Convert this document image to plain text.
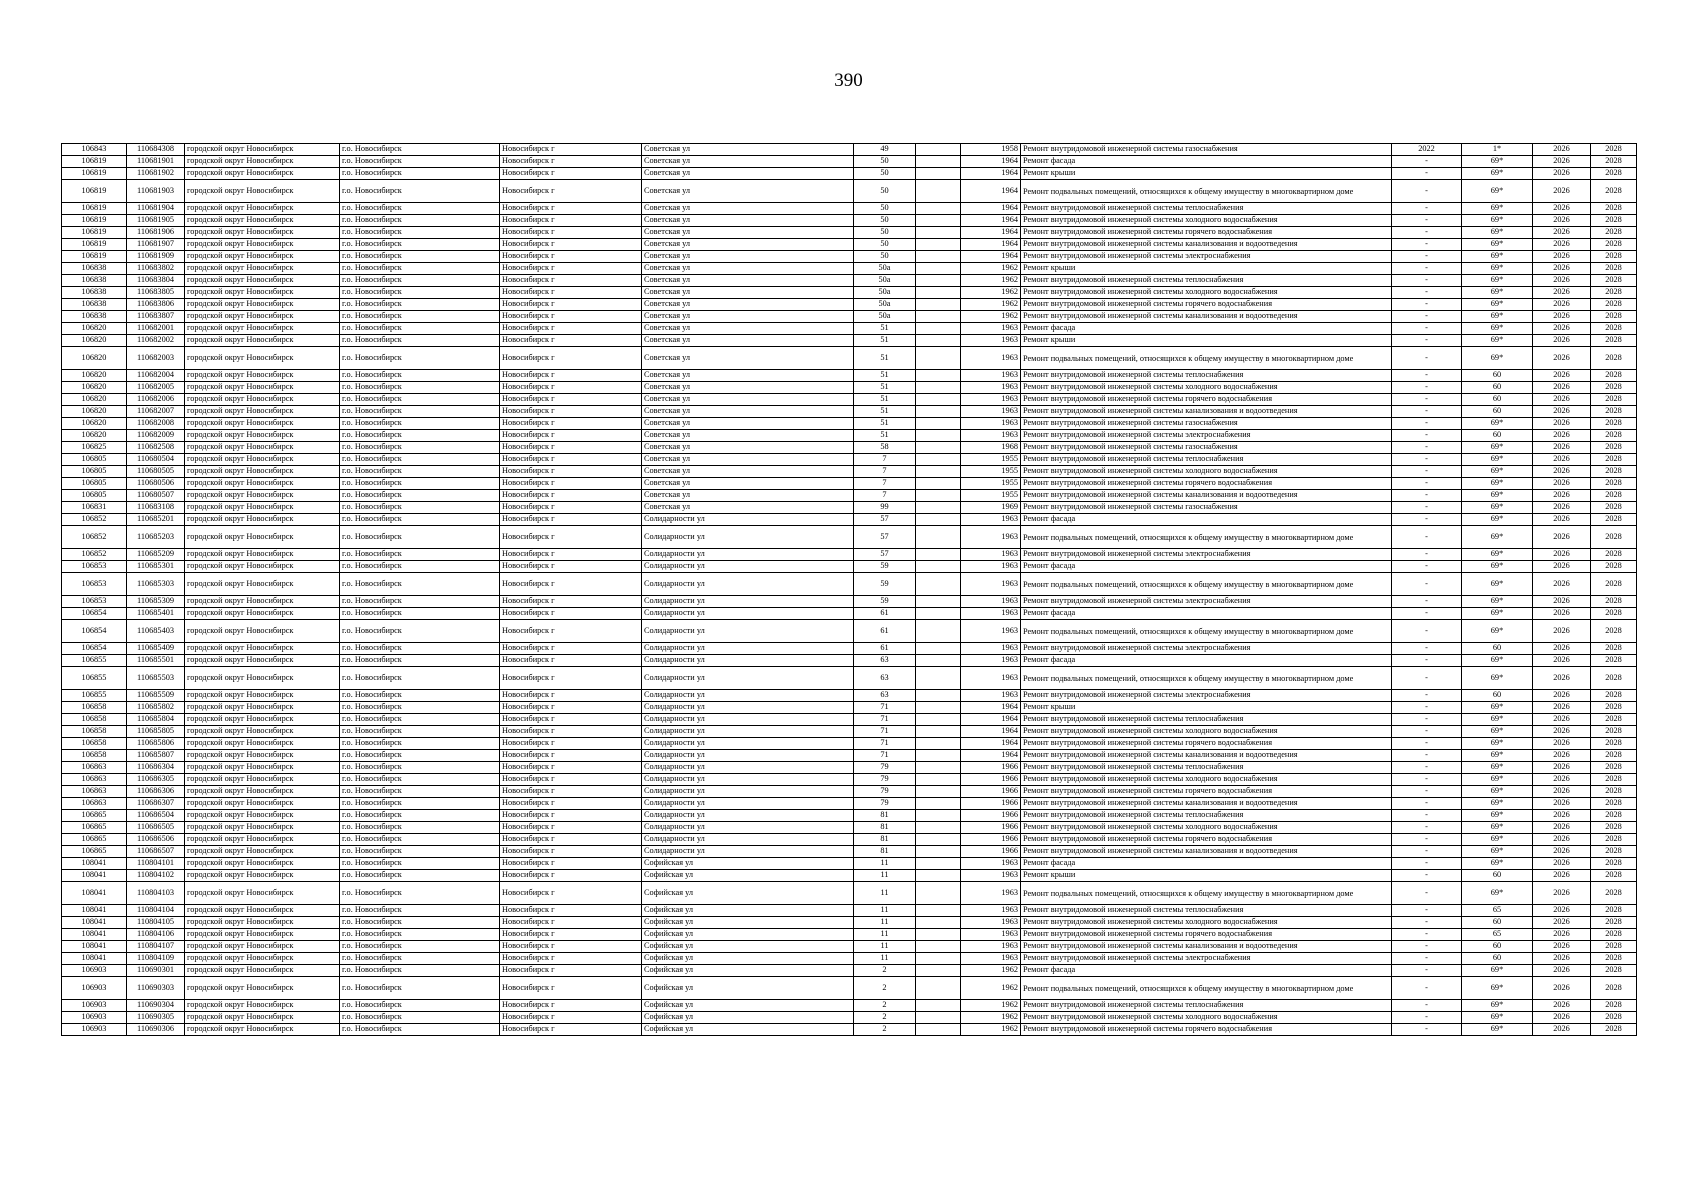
390
106843	110684308	городской округ Новосибирск	г.о. Новосибирск	Новосибирск г	Советская ул	49		1958	Ремонт внутридомовой инженерной системы газоснабжения	2022	1*	2026	2028
106819	110681901	городской округ Новосибирск	г.о. Новосибирск	Новосибирск г	Советская ул	50		1964	Ремонт фасада	-	69*	2026	2028
106819	110681902	городской округ Новосибирск	г.о. Новосибирск	Новосибирск г	Советская ул	50		1964	Ремонт крыши	-	69*	2026	2028
106819	110681903	городской округ Новосибирск	г.о. Новосибирск	Новосибирск г	Советская ул	50		1964	Ремонт подвальных помещений, относящихся к общему имуществу в многоквартирном доме	-	69*	2026	2028
106819	110681904	городской округ Новосибирск	г.о. Новосибирск	Новосибирск г	Советская ул	50		1964	Ремонт внутридомовой инженерной системы теплоснабжения	-	69*	2026	2028
106819	110681905	городской округ Новосибирск	г.о. Новосибирск	Новосибирск г	Советская ул	50		1964	Ремонт внутридомовой инженерной системы холодного водоснабжения	-	69*	2026	2028
106819	110681906	городской округ Новосибирск	г.о. Новосибирск	Новосибирск г	Советская ул	50		1964	Ремонт внутридомовой инженерной системы горячего водоснабжения	-	69*	2026	2028
106819	110681907	городской округ Новосибирск	г.о. Новосибирск	Новосибирск г	Советская ул	50		1964	Ремонт внутридомовой инженерной системы канализования и водоотведения	-	69*	2026	2028
106819	110681909	городской округ Новосибирск	г.о. Новосибирск	Новосибирск г	Советская ул	50		1964	Ремонт внутридомовой инженерной системы электроснабжения	-	69*	2026	2028
106838	110683802	городской округ Новосибирск	г.о. Новосибирск	Новосибирск г	Советская ул	50а		1962	Ремонт крыши	-	69*	2026	2028
106838	110683804	городской округ Новосибирск	г.о. Новосибирск	Новосибирск г	Советская ул	50а		1962	Ремонт внутридомовой инженерной системы теплоснабжения	-	69*	2026	2028
106838	110683805	городской округ Новосибирск	г.о. Новосибирск	Новосибирск г	Советская ул	50а		1962	Ремонт внутридомовой инженерной системы холодного водоснабжения	-	69*	2026	2028
106838	110683806	городской округ Новосибирск	г.о. Новосибирск	Новосибирск г	Советская ул	50а		1962	Ремонт внутридомовой инженерной системы горячего водоснабжения	-	69*	2026	2028
106838	110683807	городской округ Новосибирск	г.о. Новосибирск	Новосибирск г	Советская ул	50а		1962	Ремонт внутридомовой инженерной системы канализования и водоотведения	-	69*	2026	2028
106820	110682001	городской округ Новосибирск	г.о. Новосибирск	Новосибирск г	Советская ул	51		1963	Ремонт фасада	-	69*	2026	2028
106820	110682002	городской округ Новосибирск	г.о. Новосибирск	Новосибирск г	Советская ул	51		1963	Ремонт крыши	-	69*	2026	2028
106820	110682003	городской округ Новосибирск	г.о. Новосибирск	Новосибирск г	Советская ул	51		1963	Ремонт подвальных помещений, относящихся к общему имуществу в многоквартирном доме	-	69*	2026	2028
106820	110682004	городской округ Новосибирск	г.о. Новосибирск	Новосибирск г	Советская ул	51		1963	Ремонт внутридомовой инженерной системы теплоснабжения	-	60	2026	2028
106820	110682005	городской округ Новосибирск	г.о. Новосибирск	Новосибирск г	Советская ул	51		1963	Ремонт внутридомовой инженерной системы холодного водоснабжения	-	60	2026	2028
106820	110682006	городской округ Новосибирск	г.о. Новосибирск	Новосибирск г	Советская ул	51		1963	Ремонт внутридомовой инженерной системы горячего водоснабжения	-	60	2026	2028
106820	110682007	городской округ Новосибирск	г.о. Новосибирск	Новосибирск г	Советская ул	51		1963	Ремонт внутридомовой инженерной системы канализования и водоотведения	-	60	2026	2028
106820	110682008	городской округ Новосибирск	г.о. Новосибирск	Новосибирск г	Советская ул	51		1963	Ремонт внутридомовой инженерной системы газоснабжения	-	69*	2026	2028
106820	110682009	городской округ Новосибирск	г.о. Новосибирск	Новосибирск г	Советская ул	51		1963	Ремонт внутридомовой инженерной системы электроснабжения	-	60	2026	2028
106825	110682508	городской округ Новосибирск	г.о. Новосибирск	Новосибирск г	Советская ул	58		1968	Ремонт внутридомовой инженерной системы газоснабжения	-	69*	2026	2028
106805	110680504	городской округ Новосибирск	г.о. Новосибирск	Новосибирск г	Советская ул	7		1955	Ремонт внутридомовой инженерной системы теплоснабжения	-	69*	2026	2028
106805	110680505	городской округ Новосибирск	г.о. Новосибирск	Новосибирск г	Советская ул	7		1955	Ремонт внутридомовой инженерной системы холодного водоснабжения	-	69*	2026	2028
106805	110680506	городской округ Новосибирск	г.о. Новосибирск	Новосибирск г	Советская ул	7		1955	Ремонт внутридомовой инженерной системы горячего водоснабжения	-	69*	2026	2028
106805	110680507	городской округ Новосибирск	г.о. Новосибирск	Новосибирск г	Советская ул	7		1955	Ремонт внутридомовой инженерной системы канализования и водоотведения	-	69*	2026	2028
106831	110683108	городской округ Новосибирск	г.о. Новосибирск	Новосибирск г	Советская ул	99		1969	Ремонт внутридомовой инженерной системы газоснабжения	-	69*	2026	2028
106852	110685201	городской округ Новосибирск	г.о. Новосибирск	Новосибирск г	Солидарности ул	57		1963	Ремонт фасада	-	69*	2026	2028
106852	110685203	городской округ Новосибирск	г.о. Новосибирск	Новосибирск г	Солидарности ул	57		1963	Ремонт подвальных помещений, относящихся к общему имуществу в многоквартирном доме	-	69*	2026	2028
106852	110685209	городской округ Новосибирск	г.о. Новосибирск	Новосибирск г	Солидарности ул	57		1963	Ремонт внутридомовой инженерной системы электроснабжения	-	69*	2026	2028
106853	110685301	городской округ Новосибирск	г.о. Новосибирск	Новосибирск г	Солидарности ул	59		1963	Ремонт фасада	-	69*	2026	2028
106853	110685303	городской округ Новосибирск	г.о. Новосибирск	Новосибирск г	Солидарности ул	59		1963	Ремонт подвальных помещений, относящихся к общему имуществу в многоквартирном доме	-	69*	2026	2028
106853	110685309	городской округ Новосибирск	г.о. Новосибирск	Новосибирск г	Солидарности ул	59		1963	Ремонт внутридомовой инженерной системы электроснабжения	-	69*	2026	2028
106854	110685401	городской округ Новосибирск	г.о. Новосибирск	Новосибирск г	Солидарности ул	61		1963	Ремонт фасада	-	69*	2026	2028
106854	110685403	городской округ Новосибирск	г.о. Новосибирск	Новосибирск г	Солидарности ул	61		1963	Ремонт подвальных помещений, относящихся к общему имуществу в многоквартирном доме	-	69*	2026	2028
106854	110685409	городской округ Новосибирск	г.о. Новосибирск	Новосибирск г	Солидарности ул	61		1963	Ремонт внутридомовой инженерной системы электроснабжения	-	60	2026	2028
106855	110685501	городской округ Новосибирск	г.о. Новосибирск	Новосибирск г	Солидарности ул	63		1963	Ремонт фасада	-	69*	2026	2028
106855	110685503	городской округ Новосибирск	г.о. Новосибирск	Новосибирск г	Солидарности ул	63		1963	Ремонт подвальных помещений, относящихся к общему имуществу в многоквартирном доме	-	69*	2026	2028
106855	110685509	городской округ Новосибирск	г.о. Новосибирск	Новосибирск г	Солидарности ул	63		1963	Ремонт внутридомовой инженерной системы электроснабжения	-	60	2026	2028
106858	110685802	городской округ Новосибирск	г.о. Новосибирск	Новосибирск г	Солидарности ул	71		1964	Ремонт крыши	-	69*	2026	2028
106858	110685804	городской округ Новосибирск	г.о. Новосибирск	Новосибирск г	Солидарности ул	71		1964	Ремонт внутридомовой инженерной системы теплоснабжения	-	69*	2026	2028
106858	110685805	городской округ Новосибирск	г.о. Новосибирск	Новосибирск г	Солидарности ул	71		1964	Ремонт внутридомовой инженерной системы холодного водоснабжения	-	69*	2026	2028
106858	110685806	городской округ Новосибирск	г.о. Новосибирск	Новосибирск г	Солидарности ул	71		1964	Ремонт внутридомовой инженерной системы горячего водоснабжения	-	69*	2026	2028
106858	110685807	городской округ Новосибирск	г.о. Новосибирск	Новосибирск г	Солидарности ул	71		1964	Ремонт внутридомовой инженерной системы канализования и водоотведения	-	69*	2026	2028
106863	110686304	городской округ Новосибирск	г.о. Новосибирск	Новосибирск г	Солидарности ул	79		1966	Ремонт внутридомовой инженерной системы теплоснабжения	-	69*	2026	2028
106863	110686305	городской округ Новосибирск	г.о. Новосибирск	Новосибирск г	Солидарности ул	79		1966	Ремонт внутридомовой инженерной системы холодного водоснабжения	-	69*	2026	2028
106863	110686306	городской округ Новосибирск	г.о. Новосибирск	Новосибирск г	Солидарности ул	79		1966	Ремонт внутридомовой инженерной системы горячего водоснабжения	-	69*	2026	2028
106863	110686307	городской округ Новосибирск	г.о. Новосибирск	Новосибирск г	Солидарности ул	79		1966	Ремонт внутридомовой инженерной системы канализования и водоотведения	-	69*	2026	2028
106865	110686504	городской округ Новосибирск	г.о. Новосибирск	Новосибирск г	Солидарности ул	81		1966	Ремонт внутридомовой инженерной системы теплоснабжения	-	69*	2026	2028
106865	110686505	городской округ Новосибирск	г.о. Новосибирск	Новосибирск г	Солидарности ул	81		1966	Ремонт внутридомовой инженерной системы холодного водоснабжения	-	69*	2026	2028
106865	110686506	городской округ Новосибирск	г.о. Новосибирск	Новосибирск г	Солидарности ул	81		1966	Ремонт внутридомовой инженерной системы горячего водоснабжения	-	69*	2026	2028
106865	110686507	городской округ Новосибирск	г.о. Новосибирск	Новосибирск г	Солидарности ул	81		1966	Ремонт внутридомовой инженерной системы канализования и водоотведения	-	69*	2026	2028
108041	110804101	городской округ Новосибирск	г.о. Новосибирск	Новосибирск г	Софийская ул	11		1963	Ремонт фасада	-	69*	2026	2028
108041	110804102	городской округ Новосибирск	г.о. Новосибирск	Новосибирск г	Софийская ул	11		1963	Ремонт крыши	-	60	2026	2028
108041	110804103	городской округ Новосибирск	г.о. Новосибирск	Новосибирск г	Софийская ул	11		1963	Ремонт подвальных помещений, относящихся к общему имуществу в многоквартирном доме	-	69*	2026	2028
108041	110804104	городской округ Новосибирск	г.о. Новосибирск	Новосибирск г	Софийская ул	11		1963	Ремонт внутридомовой инженерной системы теплоснабжения	-	65	2026	2028
108041	110804105	городской округ Новосибирск	г.о. Новосибирск	Новосибирск г	Софийская ул	11		1963	Ремонт внутридомовой инженерной системы холодного водоснабжения	-	60	2026	2028
108041	110804106	городской округ Новосибирск	г.о. Новосибирск	Новосибирск г	Софийская ул	11		1963	Ремонт внутридомовой инженерной системы горячего водоснабжения	-	65	2026	2028
108041	110804107	городской округ Новосибирск	г.о. Новосибирск	Новосибирск г	Софийская ул	11		1963	Ремонт внутридомовой инженерной системы канализования и водоотведения	-	60	2026	2028
108041	110804109	городской округ Новосибирск	г.о. Новосибирск	Новосибирск г	Софийская ул	11		1963	Ремонт внутридомовой инженерной системы электроснабжения	-	60	2026	2028
106903	110690301	городской округ Новосибирск	г.о. Новосибирск	Новосибирск г	Софийская ул	2		1962	Ремонт фасада	-	69*	2026	2028
106903	110690303	городской округ Новосибирск	г.о. Новосибирск	Новосибирск г	Софийская ул	2		1962	Ремонт подвальных помещений, относящихся к общему имуществу в многоквартирном доме	-	69*	2026	2028
106903	110690304	городской округ Новосибирск	г.о. Новосибирск	Новосибирск г	Софийская ул	2		1962	Ремонт внутридомовой инженерной системы теплоснабжения	-	69*	2026	2028
106903	110690305	городской округ Новосибирск	г.о. Новосибирск	Новосибирск г	Софийская ул	2		1962	Ремонт внутридомовой инженерной системы холодного водоснабжения	-	69*	2026	2028
106903	110690306	городской округ Новосибирск	г.о. Новосибирск	Новосибирск г	Софийская ул	2		1962	Ремонт внутридомовой инженерной системы горячего водоснабжения	-	69*	2026	2028
